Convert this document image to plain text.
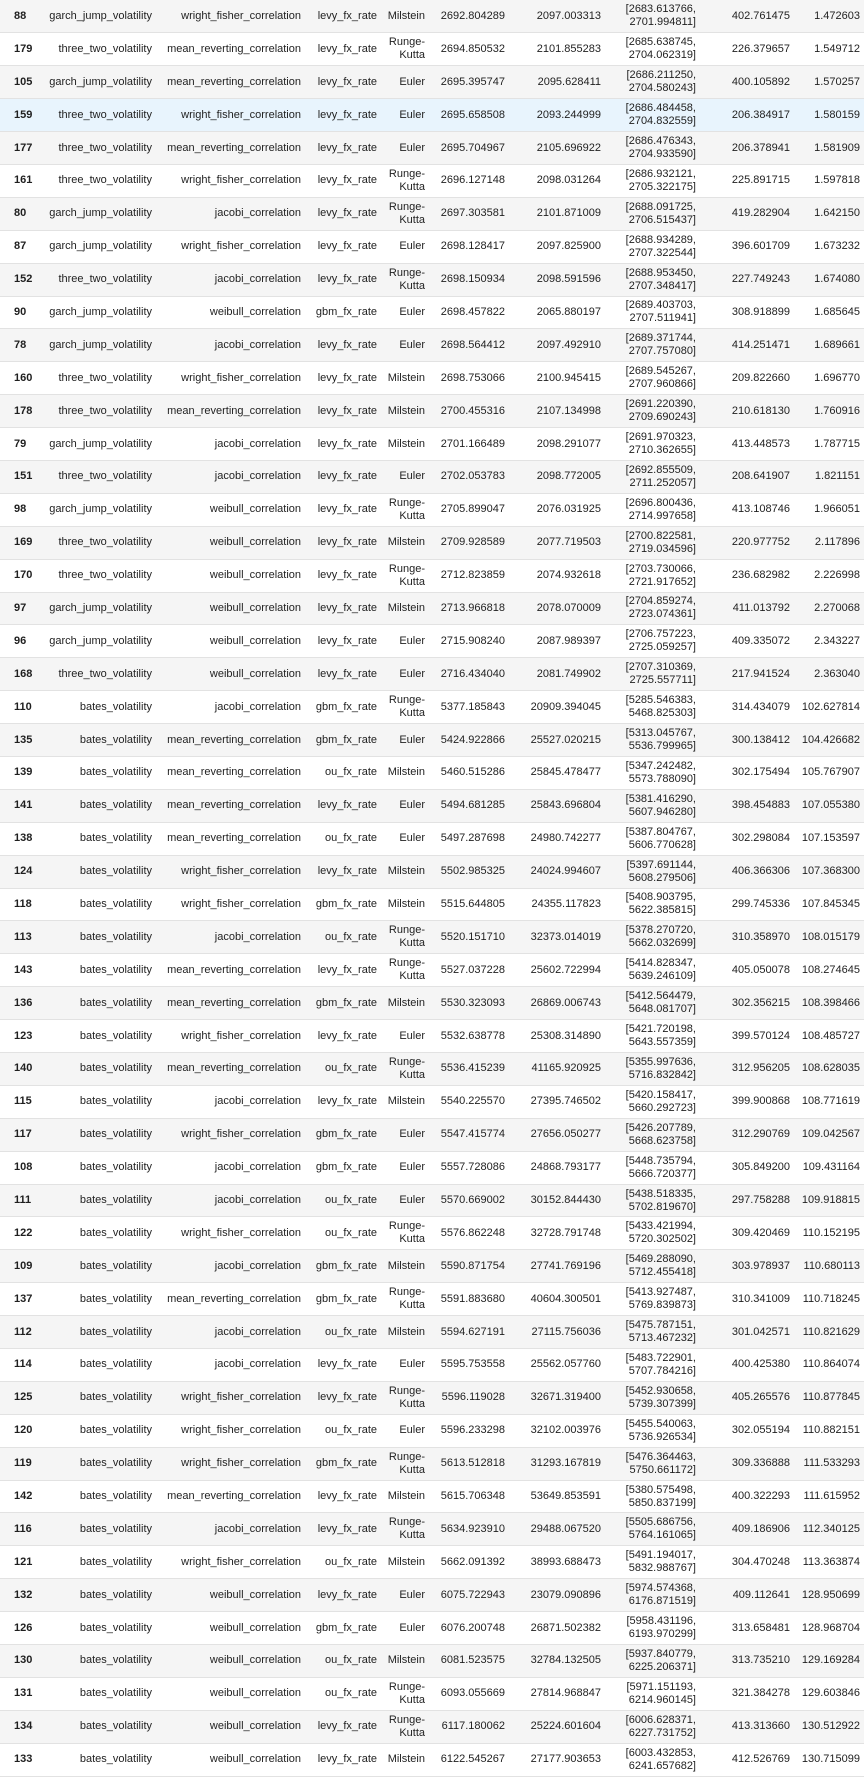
88	garch_jump_volatility	wright_fisher_correlation	levy_fx_rate	Milstein	2692.804289	2097.003313	[2683.613766, 2701.994811]	402.761475	1.472603
179	three_two_volatility	mean_reverting_correlation	levy_fx_rate	Runge-Kutta	2694.850532	2101.855283	[2685.638745, 2704.062319]	226.379657	1.549712
105	garch_jump_volatility	mean_reverting_correlation	levy_fx_rate	Euler	2695.395747	2095.628411	[2686.211250, 2704.580243]	400.105892	1.570257
159	three_two_volatility	wright_fisher_correlation	levy_fx_rate	Euler	2695.658508	2093.244999	[2686.484458, 2704.832559]	206.384917	1.580159
177	three_two_volatility	mean_reverting_correlation	levy_fx_rate	Euler	2695.704967	2105.696922	[2686.476343, 2704.933590]	206.378941	1.581909
161	three_two_volatility	wright_fisher_correlation	levy_fx_rate	Runge-Kutta	2696.127148	2098.031264	[2686.932121, 2705.322175]	225.891715	1.597818
80	garch_jump_volatility	jacobi_correlation	levy_fx_rate	Runge-Kutta	2697.303581	2101.871009	[2688.091725, 2706.515437]	419.282904	1.642150
87	garch_jump_volatility	wright_fisher_correlation	levy_fx_rate	Euler	2698.128417	2097.825900	[2688.934289, 2707.322544]	396.601709	1.673232
152	three_two_volatility	jacobi_correlation	levy_fx_rate	Runge-Kutta	2698.150934	2098.591596	[2688.953450, 2707.348417]	227.749243	1.674080
90	garch_jump_volatility	weibull_correlation	gbm_fx_rate	Euler	2698.457822	2065.880197	[2689.403703, 2707.511941]	308.918899	1.685645
78	garch_jump_volatility	jacobi_correlation	levy_fx_rate	Euler	2698.564412	2097.492910	[2689.371744, 2707.757080]	414.251471	1.689661
160	three_two_volatility	wright_fisher_correlation	levy_fx_rate	Milstein	2698.753066	2100.945415	[2689.545267, 2707.960866]	209.822660	1.696770
178	three_two_volatility	mean_reverting_correlation	levy_fx_rate	Milstein	2700.455316	2107.134998	[2691.220390, 2709.690243]	210.618130	1.760916
79	garch_jump_volatility	jacobi_correlation	levy_fx_rate	Milstein	2701.166489	2098.291077	[2691.970323, 2710.362655]	413.448573	1.787715
151	three_two_volatility	jacobi_correlation	levy_fx_rate	Euler	2702.053783	2098.772005	[2692.855509, 2711.252057]	208.641907	1.821151
98	garch_jump_volatility	weibull_correlation	levy_fx_rate	Runge-Kutta	2705.899047	2076.031925	[2696.800436, 2714.997658]	413.108746	1.966051
169	three_two_volatility	weibull_correlation	levy_fx_rate	Milstein	2709.928589	2077.719503	[2700.822581, 2719.034596]	220.977752	2.117896
170	three_two_volatility	weibull_correlation	levy_fx_rate	Runge-Kutta	2712.823859	2074.932618	[2703.730066, 2721.917652]	236.682982	2.226998
97	garch_jump_volatility	weibull_correlation	levy_fx_rate	Milstein	2713.966818	2078.070009	[2704.859274, 2723.074361]	411.013792	2.270068
96	garch_jump_volatility	weibull_correlation	levy_fx_rate	Euler	2715.908240	2087.989397	[2706.757223, 2725.059257]	409.335072	2.343227
168	three_two_volatility	weibull_correlation	levy_fx_rate	Euler	2716.434040	2081.749902	[2707.310369, 2725.557711]	217.941524	2.363040
110	bates_volatility	jacobi_correlation	gbm_fx_rate	Runge-Kutta	5377.185843	20909.394045	[5285.546383, 5468.825303]	314.434079	102.627814
135	bates_volatility	mean_reverting_correlation	gbm_fx_rate	Euler	5424.922866	25527.020215	[5313.045767, 5536.799965]	300.138412	104.426682
139	bates_volatility	mean_reverting_correlation	ou_fx_rate	Milstein	5460.515286	25845.478477	[5347.242482, 5573.788090]	302.175494	105.767907
141	bates_volatility	mean_reverting_correlation	levy_fx_rate	Euler	5494.681285	25843.696804	[5381.416290, 5607.946280]	398.454883	107.055380
138	bates_volatility	mean_reverting_correlation	ou_fx_rate	Euler	5497.287698	24980.742277	[5387.804767, 5606.770628]	302.298084	107.153597
124	bates_volatility	wright_fisher_correlation	levy_fx_rate	Milstein	5502.985325	24024.994607	[5397.691144, 5608.279506]	406.366306	107.368300
118	bates_volatility	wright_fisher_correlation	gbm_fx_rate	Milstein	5515.644805	24355.117823	[5408.903795, 5622.385815]	299.745336	107.845345
113	bates_volatility	jacobi_correlation	ou_fx_rate	Runge-Kutta	5520.151710	32373.014019	[5378.270720, 5662.032699]	310.358970	108.015179
143	bates_volatility	mean_reverting_correlation	levy_fx_rate	Runge-Kutta	5527.037228	25602.722994	[5414.828347, 5639.246109]	405.050078	108.274645
136	bates_volatility	mean_reverting_correlation	gbm_fx_rate	Milstein	5530.323093	26869.006743	[5412.564479, 5648.081707]	302.356215	108.398466
123	bates_volatility	wright_fisher_correlation	levy_fx_rate	Euler	5532.638778	25308.314890	[5421.720198, 5643.557359]	399.570124	108.485727
140	bates_volatility	mean_reverting_correlation	ou_fx_rate	Runge-Kutta	5536.415239	41165.920925	[5355.997636, 5716.832842]	312.956205	108.628035
115	bates_volatility	jacobi_correlation	levy_fx_rate	Milstein	5540.225570	27395.746502	[5420.158417, 5660.292723]	399.900868	108.771619
117	bates_volatility	wright_fisher_correlation	gbm_fx_rate	Euler	5547.415774	27656.050277	[5426.207789, 5668.623758]	312.290769	109.042567
108	bates_volatility	jacobi_correlation	gbm_fx_rate	Euler	5557.728086	24868.793177	[5448.735794, 5666.720377]	305.849200	109.431164
111	bates_volatility	jacobi_correlation	ou_fx_rate	Euler	5570.669002	30152.844430	[5438.518335, 5702.819670]	297.758288	109.918815
122	bates_volatility	wright_fisher_correlation	ou_fx_rate	Runge-Kutta	5576.862248	32728.791748	[5433.421994, 5720.302502]	309.420469	110.152195
109	bates_volatility	jacobi_correlation	gbm_fx_rate	Milstein	5590.871754	27741.769196	[5469.288090, 5712.455418]	303.978937	110.680113
137	bates_volatility	mean_reverting_correlation	gbm_fx_rate	Runge-Kutta	5591.883680	40604.300501	[5413.927487, 5769.839873]	310.341009	110.718245
112	bates_volatility	jacobi_correlation	ou_fx_rate	Milstein	5594.627191	27115.756036	[5475.787151, 5713.467232]	301.042571	110.821629
114	bates_volatility	jacobi_correlation	levy_fx_rate	Euler	5595.753558	25562.057760	[5483.722901, 5707.784216]	400.425380	110.864074
125	bates_volatility	wright_fisher_correlation	levy_fx_rate	Runge-Kutta	5596.119028	32671.319400	[5452.930658, 5739.307399]	405.265576	110.877845
120	bates_volatility	wright_fisher_correlation	ou_fx_rate	Euler	5596.233298	32102.003976	[5455.540063, 5736.926534]	302.055194	110.882151
119	bates_volatility	wright_fisher_correlation	gbm_fx_rate	Runge-Kutta	5613.512818	31293.167819	[5476.364463, 5750.661172]	309.336888	111.533293
142	bates_volatility	mean_reverting_correlation	levy_fx_rate	Milstein	5615.706348	53649.853591	[5380.575498, 5850.837199]	400.322293	111.615952
116	bates_volatility	jacobi_correlation	levy_fx_rate	Runge-Kutta	5634.923910	29488.067520	[5505.686756, 5764.161065]	409.186906	112.340125
121	bates_volatility	wright_fisher_correlation	ou_fx_rate	Milstein	5662.091392	38993.688473	[5491.194017, 5832.988767]	304.470248	113.363874
132	bates_volatility	weibull_correlation	levy_fx_rate	Euler	6075.722943	23079.090896	[5974.574368, 6176.871519]	409.112641	128.950699
126	bates_volatility	weibull_correlation	gbm_fx_rate	Euler	6076.200748	26871.502382	[5958.431196, 6193.970299]	313.658481	128.968704
130	bates_volatility	weibull_correlation	ou_fx_rate	Milstein	6081.523575	32784.132505	[5937.840779, 6225.206371]	313.735210	129.169284
131	bates_volatility	weibull_correlation	ou_fx_rate	Runge-Kutta	6093.055669	27814.968847	[5971.151193, 6214.960145]	321.384278	129.603846
134	bates_volatility	weibull_correlation	levy_fx_rate	Runge-Kutta	6117.180062	25224.601604	[6006.628371, 6227.731752]	413.313660	130.512922
133	bates_volatility	weibull_correlation	levy_fx_rate	Milstein	6122.545267	27177.903653	[6003.432853, 6241.657682]	412.526769	130.715099
